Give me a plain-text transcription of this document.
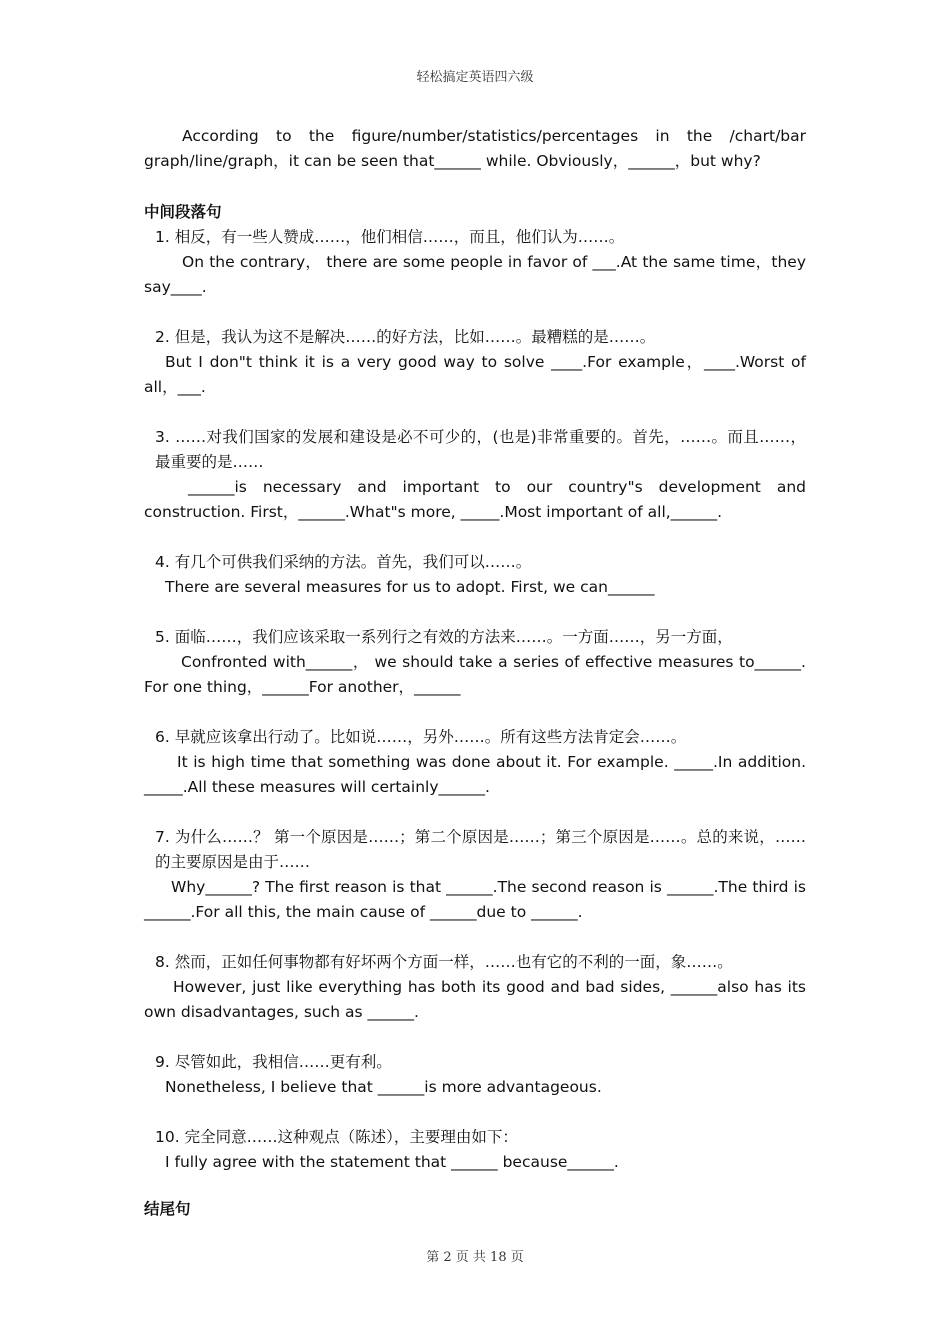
轻松搞定英语四六级

According to the figure/number/statistics/percentages in the /chart/bar graph/line/graph，it can be seen that______ while. Obviously，______，but why?

中间段落句

1. 相反，有一些人赞成……，他们相信……，而且，他们认为……。

On the contrary， there are some people in favor of ___.At the same time，they say____.

2. 但是，我认为这不是解决……的好方法，比如……。最糟糕的是……。

But I don"t think it is a very good way to solve ____.For example，____.Worst of all，___.

3. ……对我们国家的发展和建设是必不可少的，(也是)非常重要的。首先，……。而且……，最重要的是……

______is necessary and important to our country"s development and construction. First，______.What"s more, _____.Most important of all,______.

4. 有几个可供我们采纳的方法。首先，我们可以……。

There are several measures for us to adopt. First, we can______

5. 面临……，我们应该采取一系列行之有效的方法来……。一方面……，另一方面，

Confronted with______， we should take a series of effective measures to______. For one thing，______For another，______

6. 早就应该拿出行动了。比如说……，另外……。所有这些方法肯定会……。

It is high time that something was done about it. For example. _____.In addition. _____.All these measures will certainly______.

7. 为什么……？ 第一个原因是……；第二个原因是……；第三个原因是……。总的来说，……的主要原因是由于……

Why______? The first reason is that ______.The second reason is ______.The third is ______.For all this, the main cause of ______due to ______.

8. 然而，正如任何事物都有好坏两个方面一样，……也有它的不利的一面，象……。

However, just like everything has both its good and bad sides, ______also has its own disadvantages, such as ______.

9. 尽管如此，我相信……更有利。

Nonetheless, I believe that ______is more advantageous.

10. 完全同意……这种观点（陈述），主要理由如下：

I fully agree with the statement that ______ because______.

结尾句

第 2 页 共 18 页
